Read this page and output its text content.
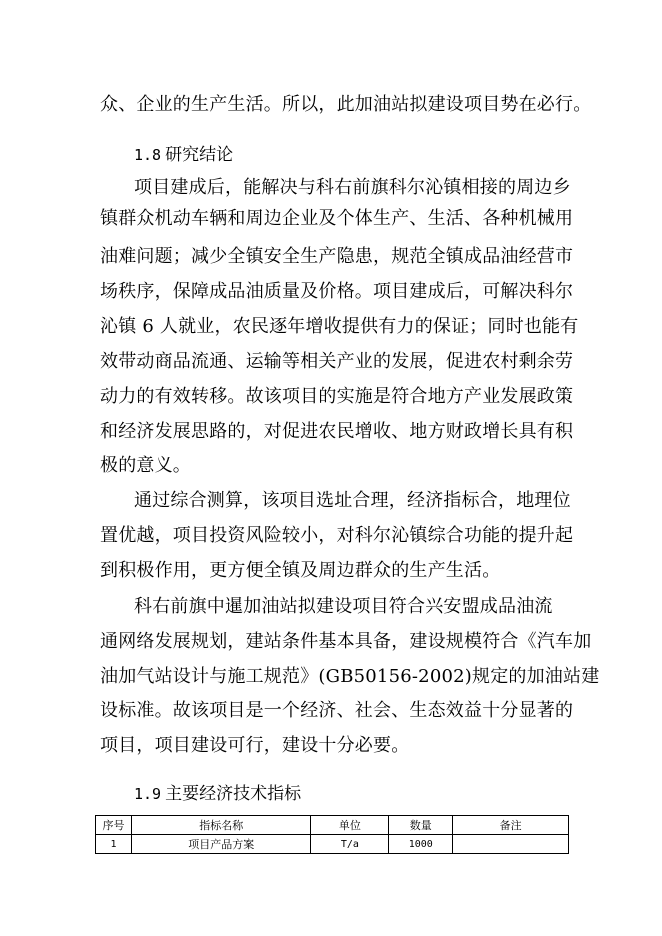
众、企业的生产生活。所以，此加油站拟建设项目势在必行。
1.8 研究结论
项目建成后，能解决与科右前旗科尔沁镇相接的周边乡
镇群众机动车辆和周边企业及个体生产、生活、各种机械用
油难问题；减少全镇安全生产隐患，规范全镇成品油经营市
场秩序，保障成品油质量及价格。项目建成后，可解决科尔
沁镇 6 人就业，农民逐年增收提供有力的保证；同时也能有
效带动商品流通、运输等相关产业的发展，促进农村剩余劳
动力的有效转移。故该项目的实施是符合地方产业发展政策
和经济发展思路的，对促进农民增收、地方财政增长具有积
极的意义。
通过综合测算，该项目选址合理，经济指标合，地理位
置优越，项目投资风险较小，对科尔沁镇综合功能的提升起
到积极作用，更方便全镇及周边群众的生产生活。
科右前旗中暹加油站拟建设项目符合兴安盟成品油流
通网络发展规划，建站条件基本具备，建设规模符合《汽车加
油加气站设计与施工规范》(GB50156-2002)规定的加油站建
设标准。故该项目是一个经济、社会、生态效益十分显著的
项目，项目建设可行，建设十分必要。
1.9 主要经济技术指标
序号	指标名称	单位	数量	备注
1	项目产品方案	T/a	1000	
